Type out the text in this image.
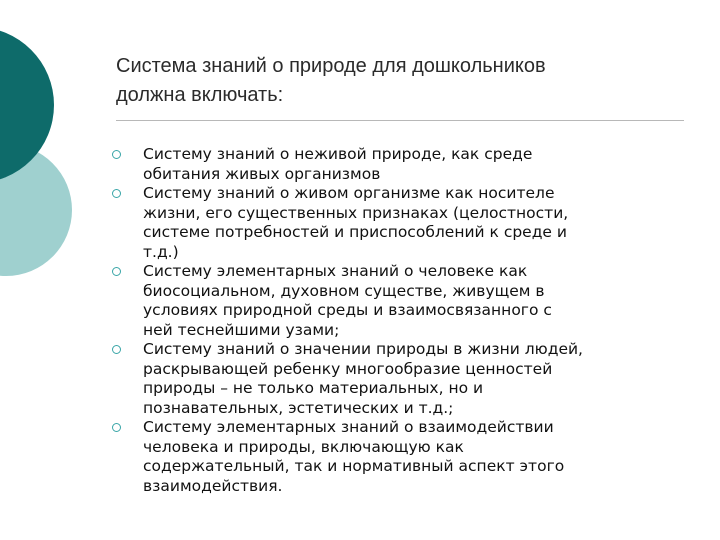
Система знаний о природе для дошкольников
должна включать:
Систему знаний о неживой природе, как среде
обитания живых организмов
Систему знаний о живом организме как носителе
жизни, его существенных признаках (целостности,
системе потребностей и приспособлений к среде и
т.д.)
Систему элементарных знаний о человеке как
биосоциальном, духовном существе, живущем в
условиях природной среды и взаимосвязанного с
ней теснейшими узами;
Систему знаний о значении природы в жизни людей,
раскрывающей ребенку многообразие ценностей
природы – не только материальных, но и
познавательных, эстетических и т.д.;
Систему элементарных знаний о взаимодействии
человека и природы, включающую как
содержательный, так и нормативный аспект этого
взаимодействия.
